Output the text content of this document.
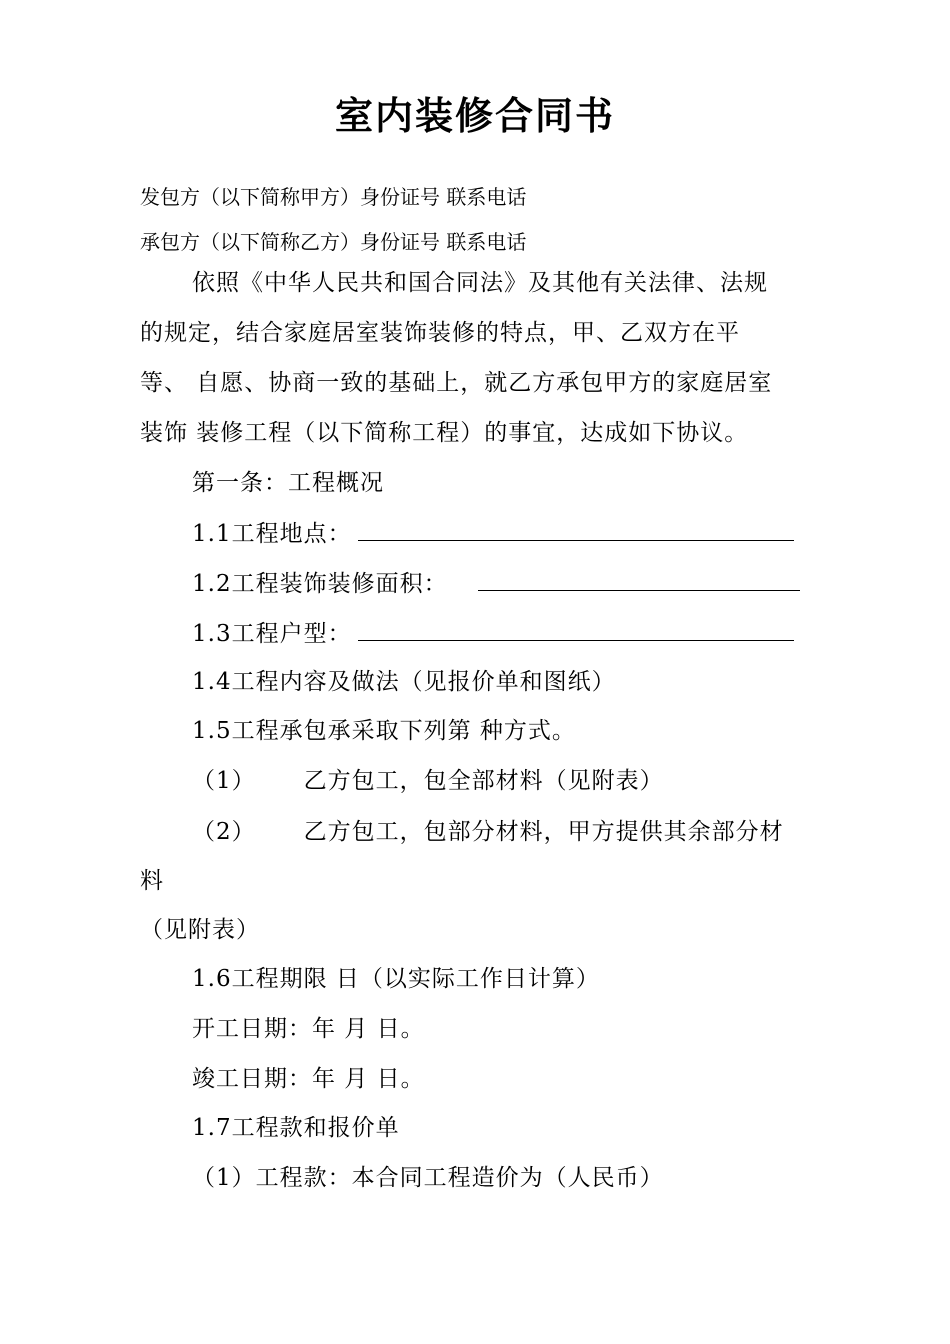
室内装修合同书
发包方（以下简称甲方）身份证号 联系电话
承包方（以下简称乙方）身份证号 联系电话
依照《中华人民共和国合同法》及其他有关法律、法规
的规定，结合家庭居室装饰装修的特点，甲、乙双方在平
等、 自愿、协商一致的基础上，就乙方承包甲方的家庭居室
装饰 装修工程（以下简称工程）的事宜，达成如下协议。
第一条：工程概况
1.1工程地点：
1.2工程装饰装修面积：
1.3工程户型：
1.4工程内容及做法（见报价单和图纸）
1.5工程承包承采取下列第 种方式。
（1） 乙方包工，包全部材料（见附表）
（2） 乙方包工，包部分材料，甲方提供其余部分材
料
（见附表）
1.6工程期限 日（以实际工作日计算）
开工日期：年 月 日。
竣工日期：年 月 日。
1.7工程款和报价单
（1）工程款：本合同工程造价为（人民币）
